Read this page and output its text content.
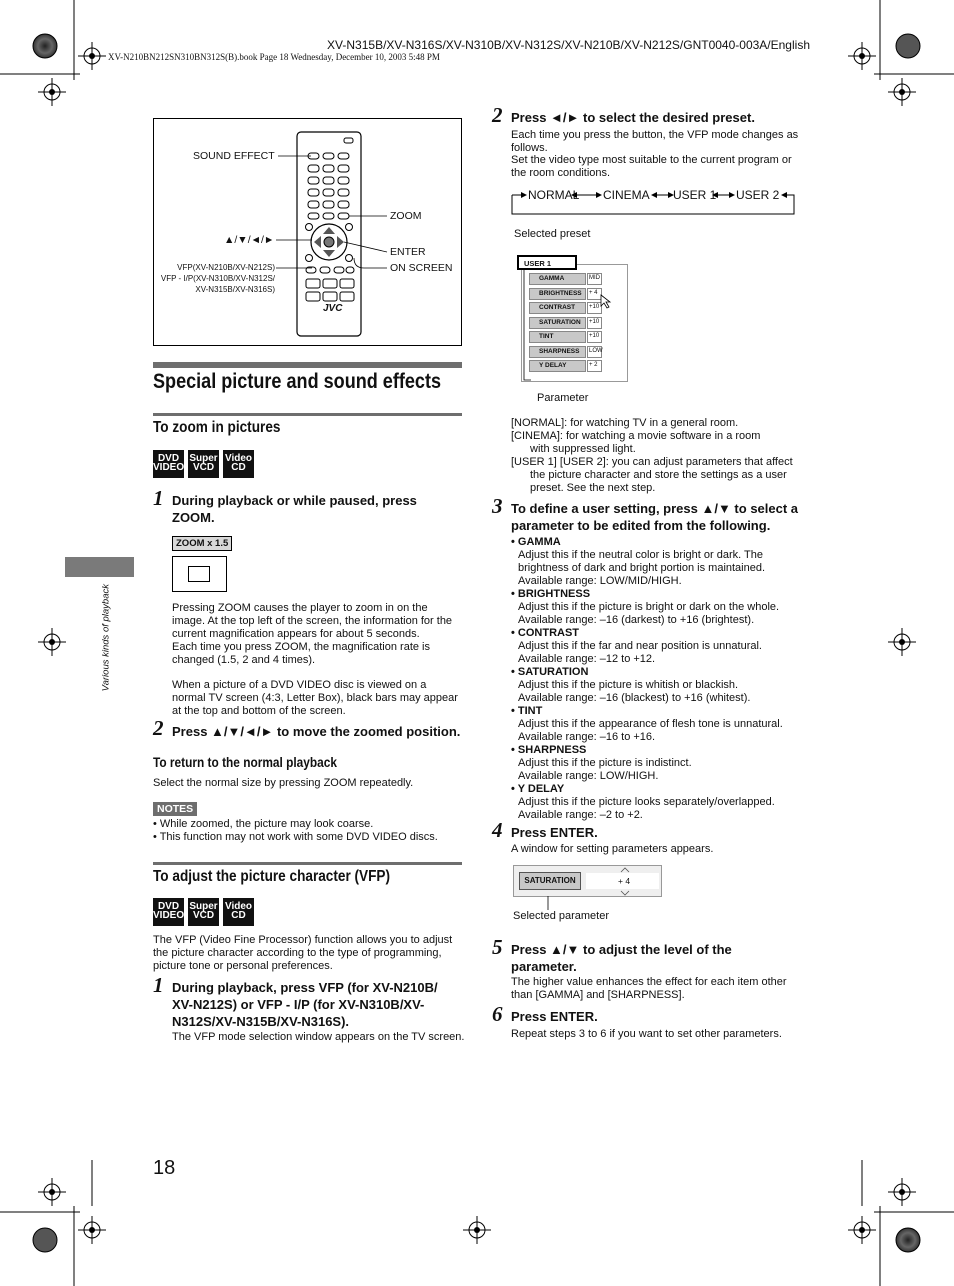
XV-N315B/XV-N316S/XV-N310B/XV-N312S/XV-N210B/XV-N212S/GNT0040-003A/English
XV-N210BN212SN310BN312S(B).book Page 18 Wednesday, December 10, 2003 5:48 PM
Various kinds of playback
JVC
SOUND EFFECT
▲/▼/◄/►
VFP(XV-N210B/XV-N212S)
VFP - I/P(XV-N310B/XV-N312S/
XV-N315B/XV-N316S)
ZOOM
ENTER
ON SCREEN
Special picture and sound effects
To zoom in pictures
DVD
VIDEO
Super
VCD
Video
CD
1 During playback or while paused, press ZOOM.
ZOOM x 1.5
Pressing ZOOM causes the player to zoom in on the image. At the top left of the screen, the information for the current magnification appears for about 5 seconds.
Each time you press ZOOM, the magnification rate is changed (1.5, 2 and 4 times).
When a picture of a DVD VIDEO disc is viewed on a normal TV screen (4:3, Letter Box), black bars may appear at the top and bottom of the screen.
2 Press ▲/▼/◄/► to move the zoomed position.
To return to the normal playback
Select the normal size by pressing ZOOM repeatedly.
NOTES
• While zoomed, the picture may look coarse.
• This function may not work with some DVD VIDEO discs.
To adjust the picture character (VFP)
DVD
VIDEO
Super
VCD
Video
CD
The VFP (Video Fine Processor) function allows you to adjust the picture character according to the type of programming, picture tone or personal preferences.
1 During playback, press VFP (for XV-N210B/ XV-N212S) or VFP - I/P (for XV-N310B/XV-N312S/XV-N315B/XV-N316S).
The VFP mode selection window appears on the TV screen.
2 Press ◄/► to select the desired preset.
Each time you press the button, the VFP mode changes as follows.
Set the video type most suitable to the current program or the room conditions.
NORMAL CINEMA USER 1 USER 2
Selected preset
USER 1
GAMMA	MID
BRIGHTNESS	+ 4
CONTRAST	+10
SATURATION	+10
TINT	+10
SHARPNESS	LOW
Y DELAY	+ 2
Parameter
[NORMAL]: for watching TV in a general room.
[CINEMA]: for watching a movie software in a room with suppressed light.
[USER 1] [USER 2]: you can adjust parameters that affect the picture character and store the settings as a user preset. See the next step.
3 To define a user setting, press ▲/▼ to select a parameter to be edited from the following.
• GAMMA
Adjust this if the neutral color is bright or dark. The brightness of dark and bright portion is maintained.
Available range: LOW/MID/HIGH.
• BRIGHTNESS
Adjust this if the picture is bright or dark on the whole.
Available range: –16 (darkest) to +16 (brightest).
• CONTRAST
Adjust this if the far and near position is unnatural.
Available range: –12 to +12.
• SATURATION
Adjust this if the picture is whitish or blackish.
Available range: –16 (blackest) to +16 (whitest).
• TINT
Adjust this if the appearance of flesh tone is unnatural.
Available range: –16 to +16.
• SHARPNESS
Adjust this if the picture is indistinct.
Available range: LOW/HIGH.
• Y DELAY
Adjust this if the picture looks separately/overlapped.
Available range: –2 to +2.
4 Press ENTER.
A window for setting parameters appears.
SATURATION	+ 4
Selected parameter
5 Press ▲/▼ to adjust the level of the parameter.
The higher value enhances the effect for each item other than [GAMMA] and [SHARPNESS].
6 Press ENTER.
Repeat steps 3 to 6 if you want to set other parameters.
18
